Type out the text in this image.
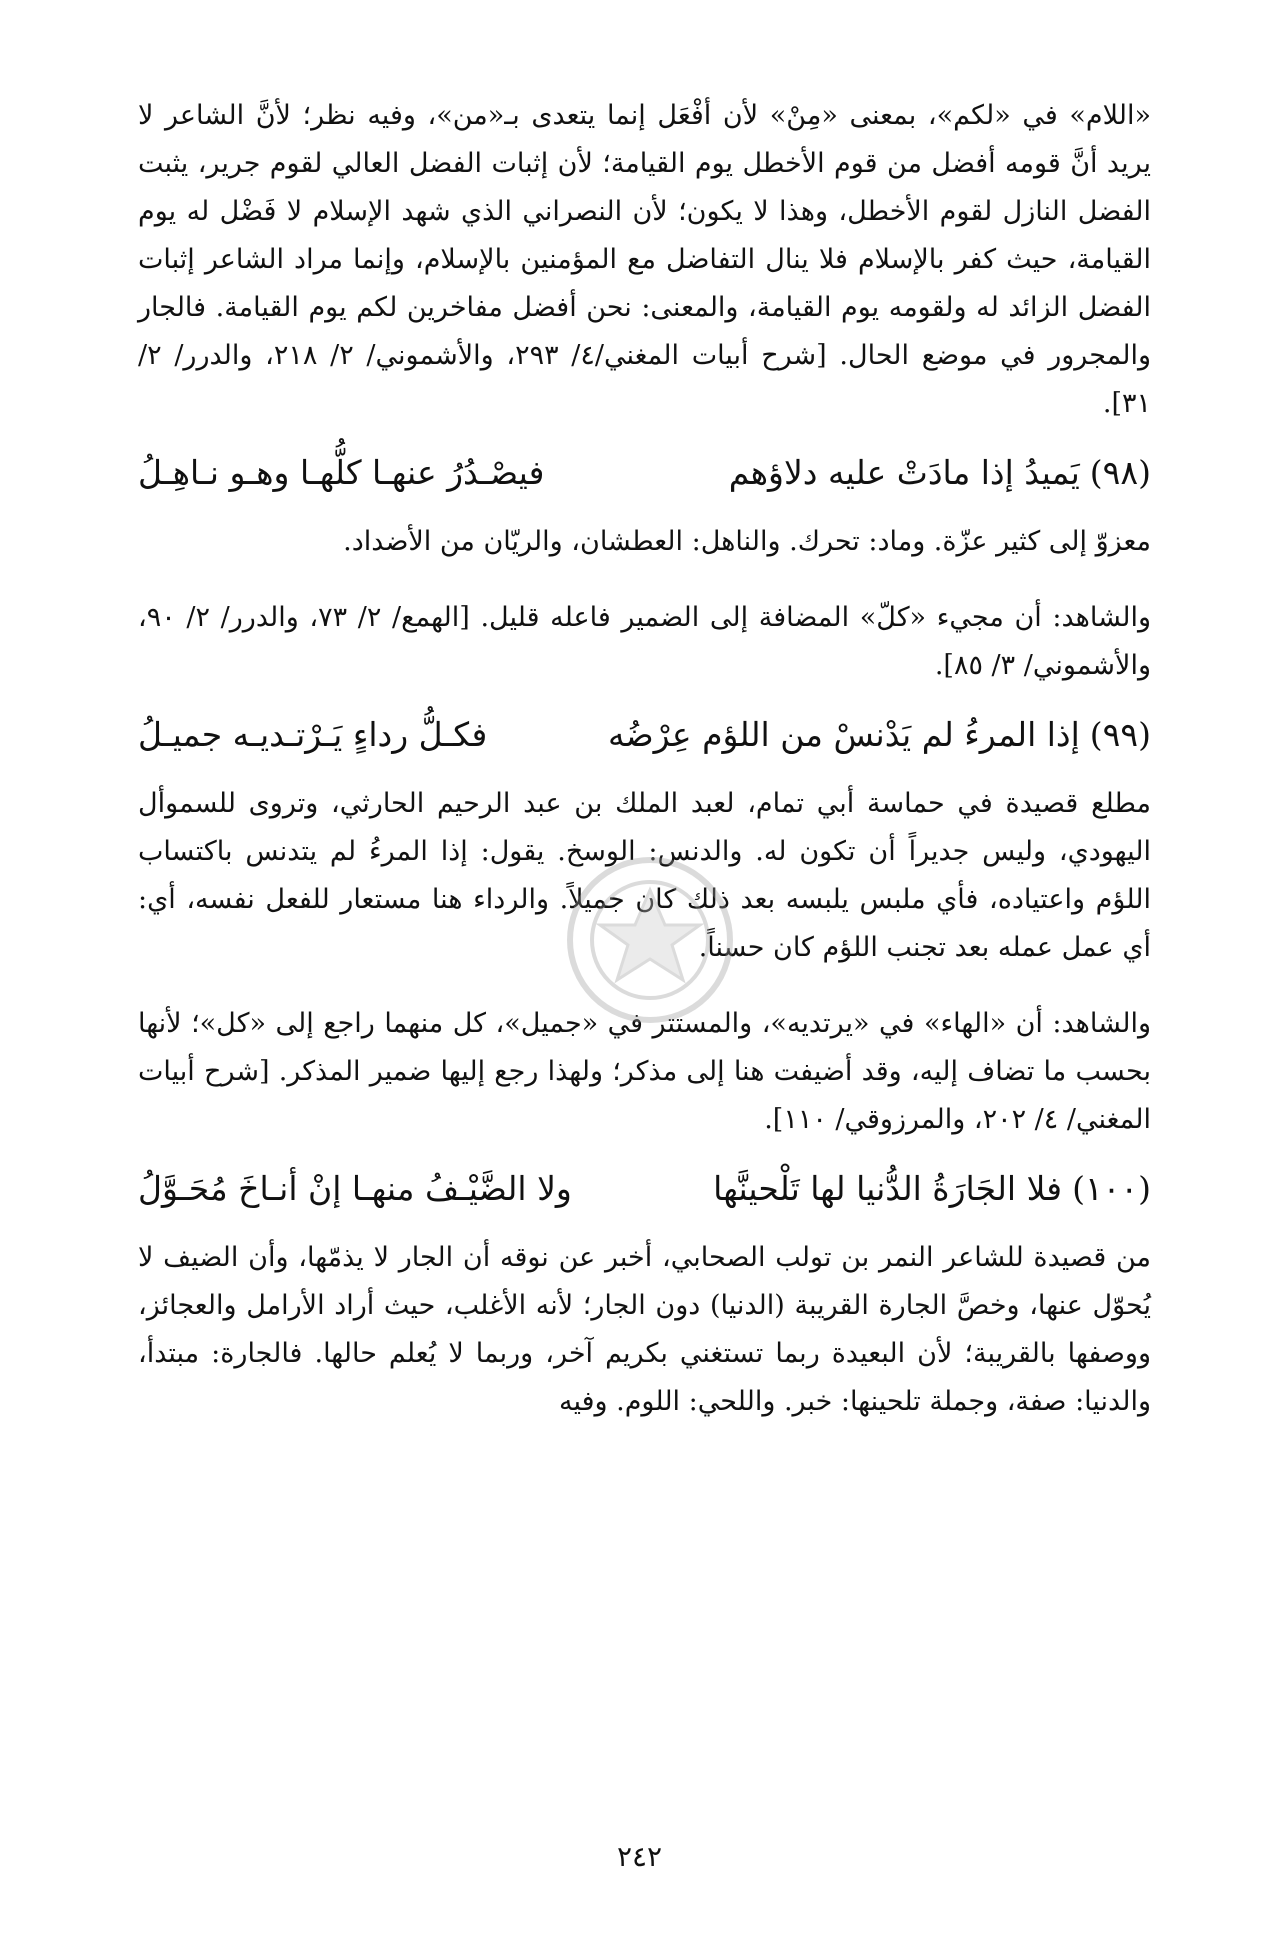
«اللام» في «لكم»، بمعنى «مِنْ» لأن أفْعَل إنما يتعدى بـ«من»، وفيه نظر؛ لأنَّ الشاعر لا يريد أنَّ قومه أفضل من قوم الأخطل يوم القيامة؛ لأن إثبات الفضل العالي لقوم جرير، يثبت الفضل النازل لقوم الأخطل، وهذا لا يكون؛ لأن النصراني الذي شهد الإسلام لا فَضْل له يوم القيامة، حيث كفر بالإسلام فلا ينال التفاضل مع المؤمنين بالإسلام، وإنما مراد الشاعر إثبات الفضل الزائد له ولقومه يوم القيامة، والمعنى: نحن أفضل مفاخرين لكم يوم القيامة. فالجار والمجرور في موضع الحال. [شرح أبيات المغني/٤/ ٢٩٣، والأشموني/ ٢/ ٢١٨، والدرر/ ٢/ ٣١].

(٩٨)
يَميدُ إذا مادَتْ عليه دلاؤهم
فيصْـدُرُ عنهـا كلُّهـا وهـو نـاهِـلُ

معزوّ إلى كثير عزّة. وماد: تحرك. والناهل: العطشان، والريّان من الأضداد.

والشاهد: أن مجيء «كلّ» المضافة إلى الضمير فاعله قليل. [الهمع/ ٢/ ٧٣، والدرر/ ٢/ ٩٠، والأشموني/ ٣/ ٨٥].

(٩٩)
إذا المرءُ لم يَدْنسْ من اللؤم عِرْضُه
فكـلُّ رداءٍ يَـرْتـديـه جميـلُ

مطلع قصيدة في حماسة أبي تمام، لعبد الملك بن عبد الرحيم الحارثي، وتروى للسموأل اليهودي، وليس جديراً أن تكون له. والدنس: الوسخ. يقول: إذا المرءُ لم يتدنس باكتساب اللؤم واعتياده، فأي ملبس يلبسه بعد ذلك كان جميلاً. والرداء هنا مستعار للفعل نفسه، أي: أي عمل عمله بعد تجنب اللؤم كان حسناً.

والشاهد: أن «الهاء» في «يرتديه»، والمستتر في «جميل»، كل منهما راجع إلى «كل»؛ لأنها بحسب ما تضاف إليه، وقد أضيفت هنا إلى مذكر؛ ولهذا رجع إليها ضمير المذكر. [شرح أبيات المغني/ ٤/ ٢٠٢، والمرزوقي/ ١١٠].

(١٠٠)
فلا الجَارَةُ الدُّنيا لها تَلْحينَّها
ولا الضَّيْـفُ منهـا إنْ أنـاخَ مُحَـوَّلُ

من قصيدة للشاعر النمر بن تولب الصحابي، أخبر عن نوقه أن الجار لا يذمّها، وأن الضيف لا يُحوّل عنها، وخصَّ الجارة القريبة (الدنيا) دون الجار؛ لأنه الأغلب، حيث أراد الأرامل والعجائز، ووصفها بالقريبة؛ لأن البعيدة ربما تستغني بكريم آخر، وربما لا يُعلم حالها. فالجارة: مبتدأ، والدنيا: صفة، وجملة تلحينها: خبر. واللحي: اللوم. وفيه

٢٤٢
